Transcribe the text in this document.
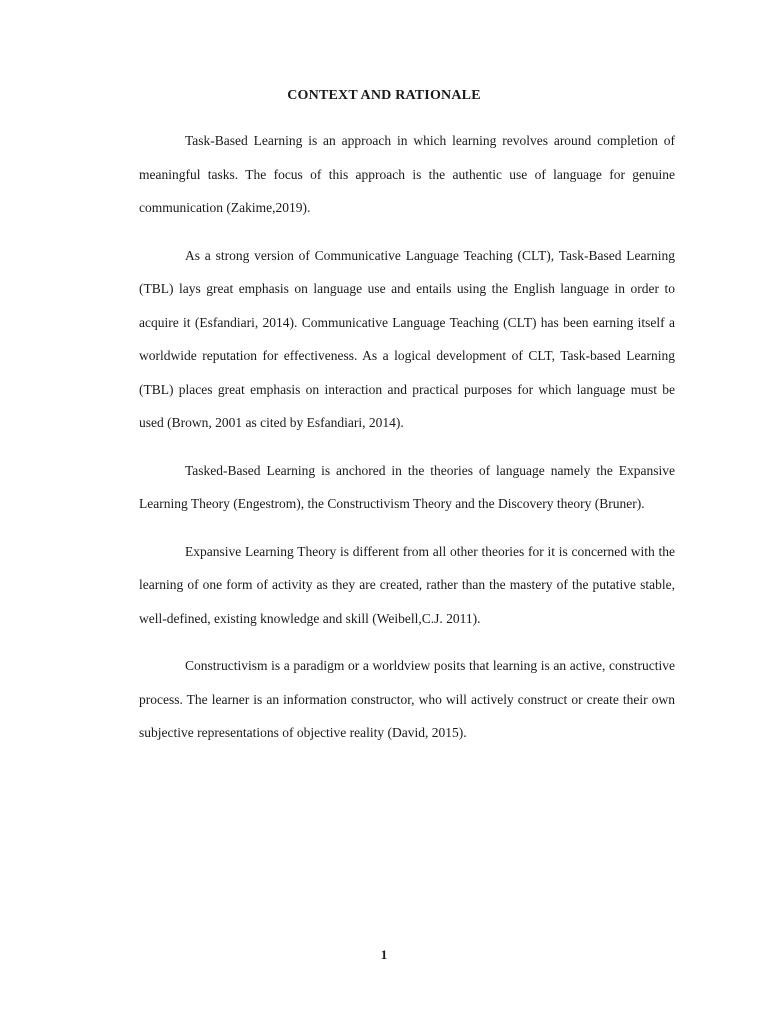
CONTEXT AND RATIONALE

Task-Based Learning is an approach in which learning revolves around completion of meaningful tasks. The focus of this approach is the authentic use of language for genuine communication (Zakime,2019).

As a strong version of Communicative Language Teaching (CLT), Task-Based Learning (TBL) lays great emphasis on language use and entails using the English language in order to acquire it (Esfandiari, 2014). Communicative Language Teaching (CLT) has been earning itself a worldwide reputation for effectiveness. As a logical development of CLT, Task-based Learning (TBL) places great emphasis on interaction and practical purposes for which language must be used (Brown, 2001 as cited by Esfandiari, 2014).

Tasked-Based Learning is anchored in the theories of language namely the Expansive Learning Theory (Engestrom), the Constructivism Theory and the Discovery theory (Bruner).

Expansive Learning Theory is different from all other theories for it is concerned with the learning of one form of activity as they are created, rather than the mastery of the putative stable, well-defined, existing knowledge and skill (Weibell,C.J. 2011).

Constructivism is a paradigm or a worldview posits that learning is an active, constructive process. The learner is an information constructor, who will actively construct or create their own subjective representations of objective reality (David, 2015).

1
